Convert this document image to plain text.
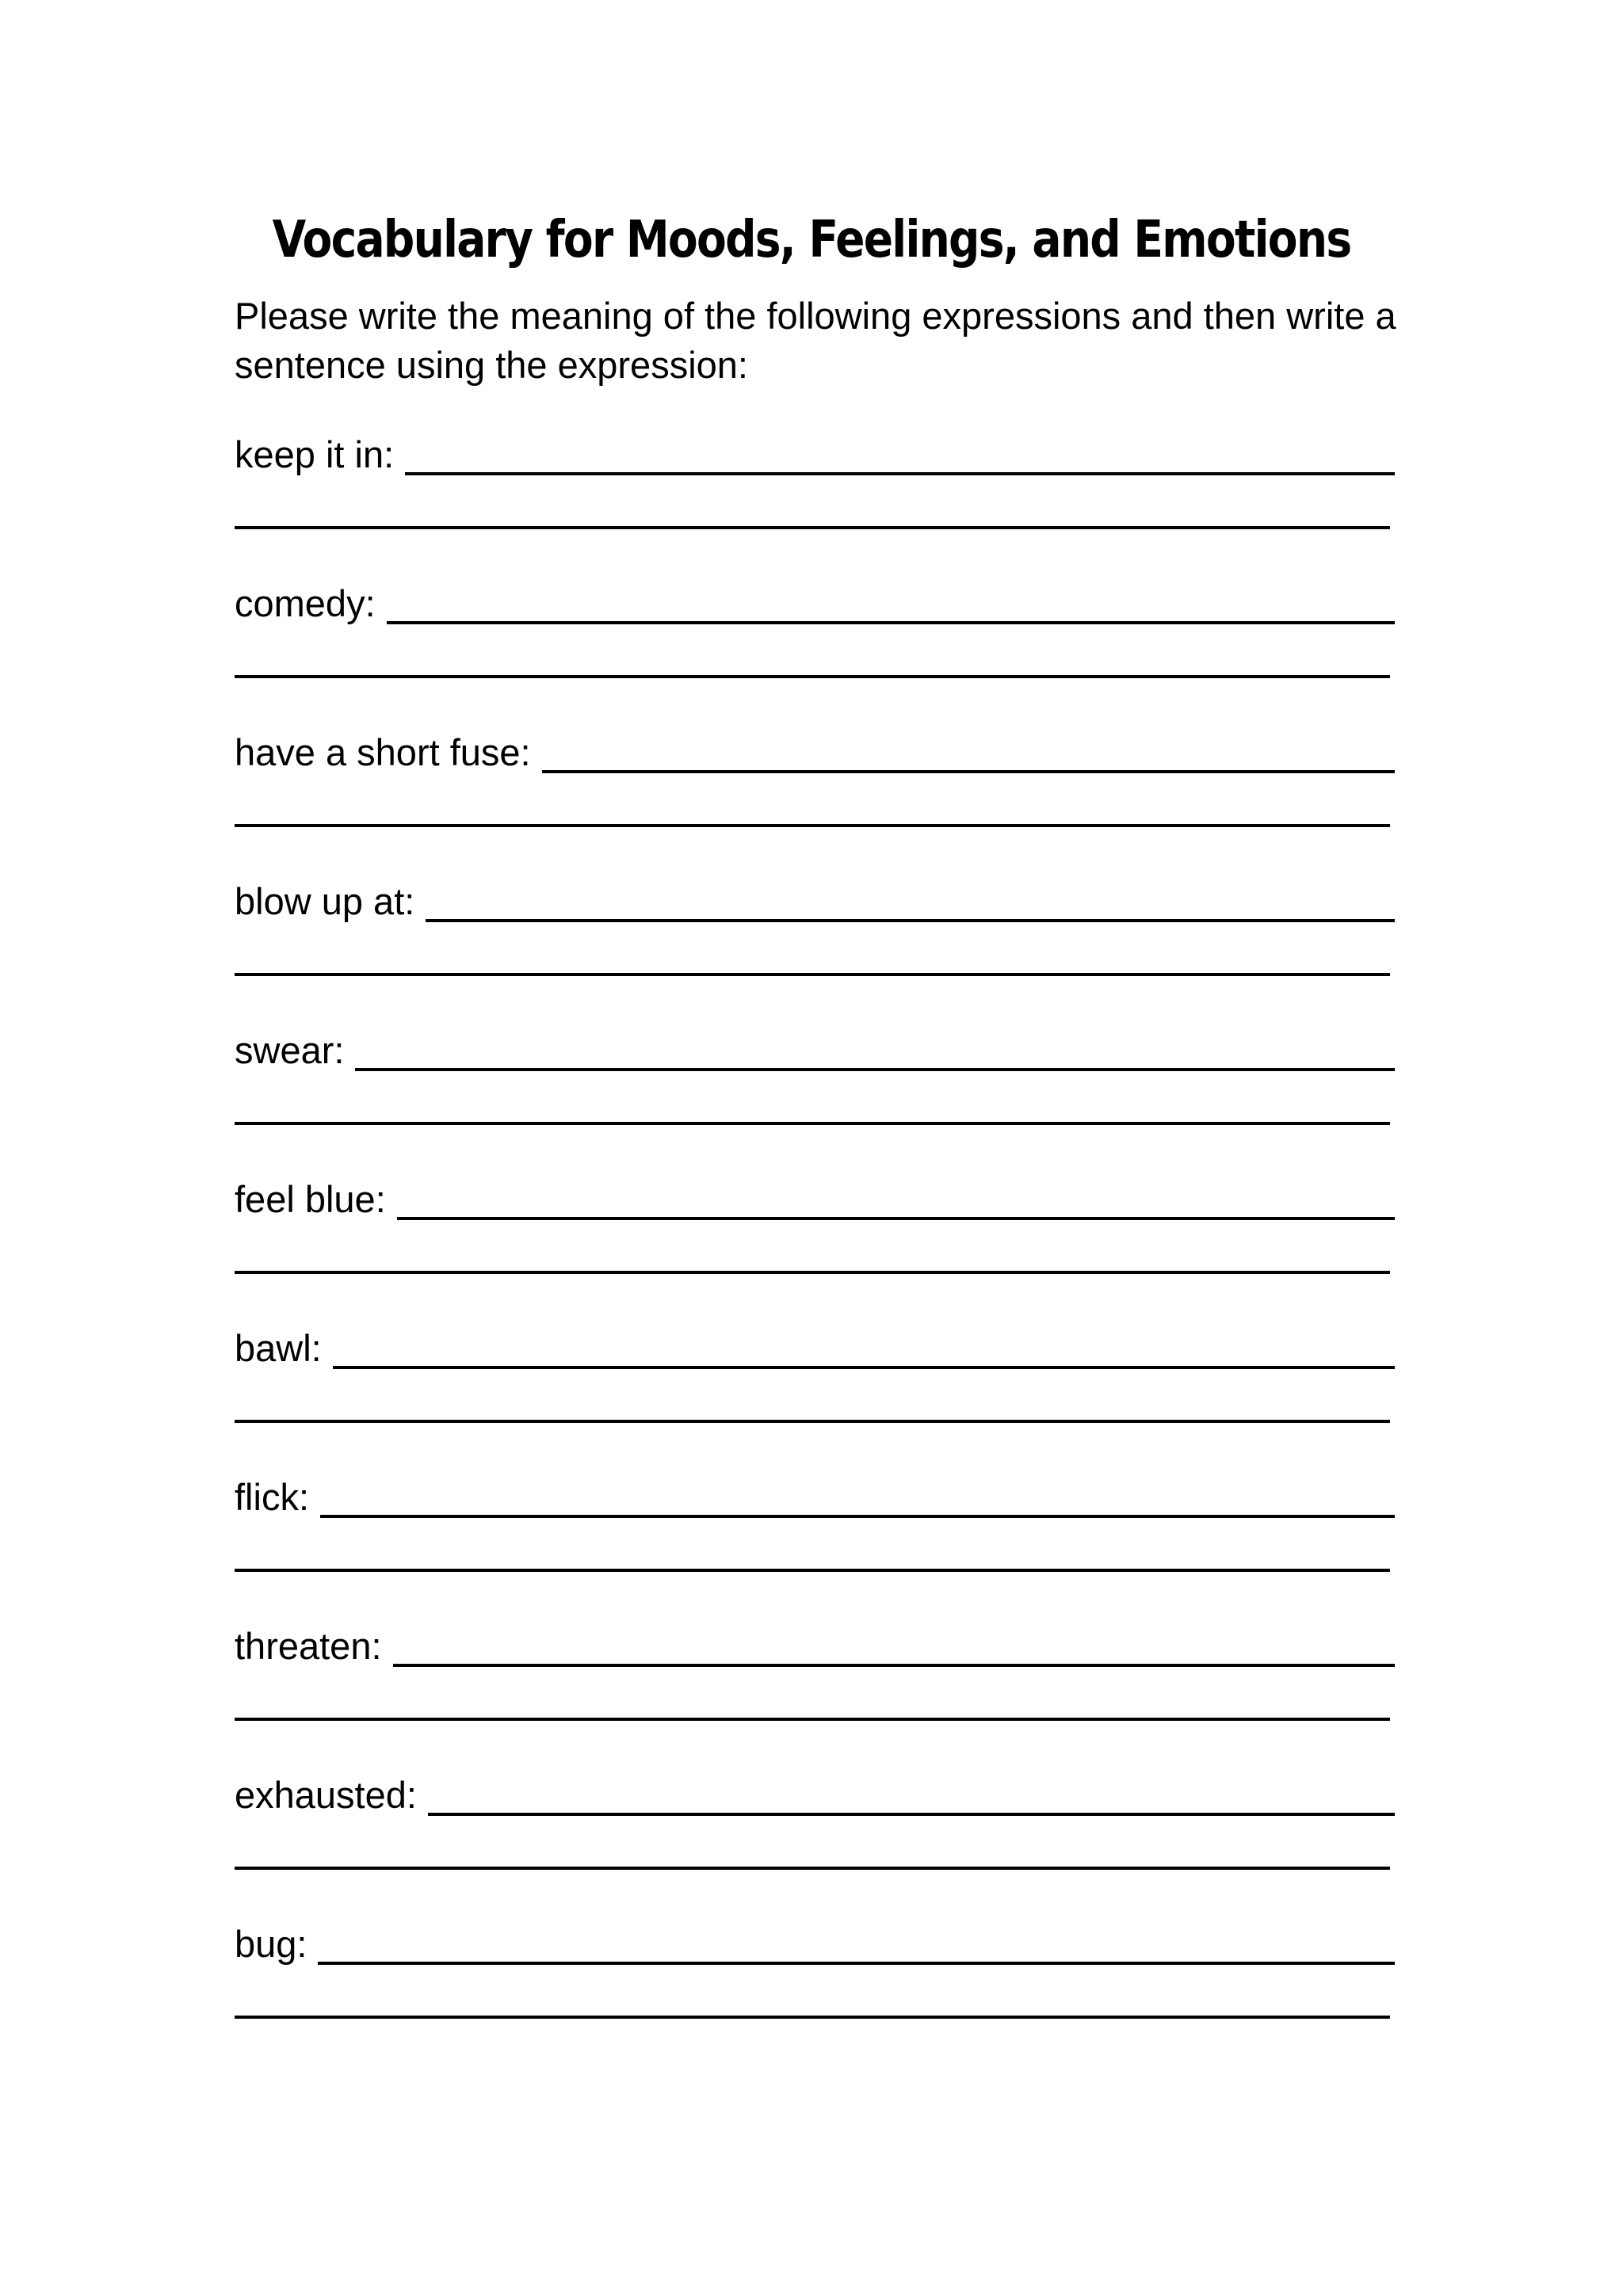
Vocabulary for Moods, Feelings, and Emotions

Please write the meaning of the following expressions and then write a sentence using the expression:

keep it in:
comedy:
have a short fuse:
blow up at:
swear:
feel blue:
bawl:
flick:
threaten:
exhausted:
bug:
